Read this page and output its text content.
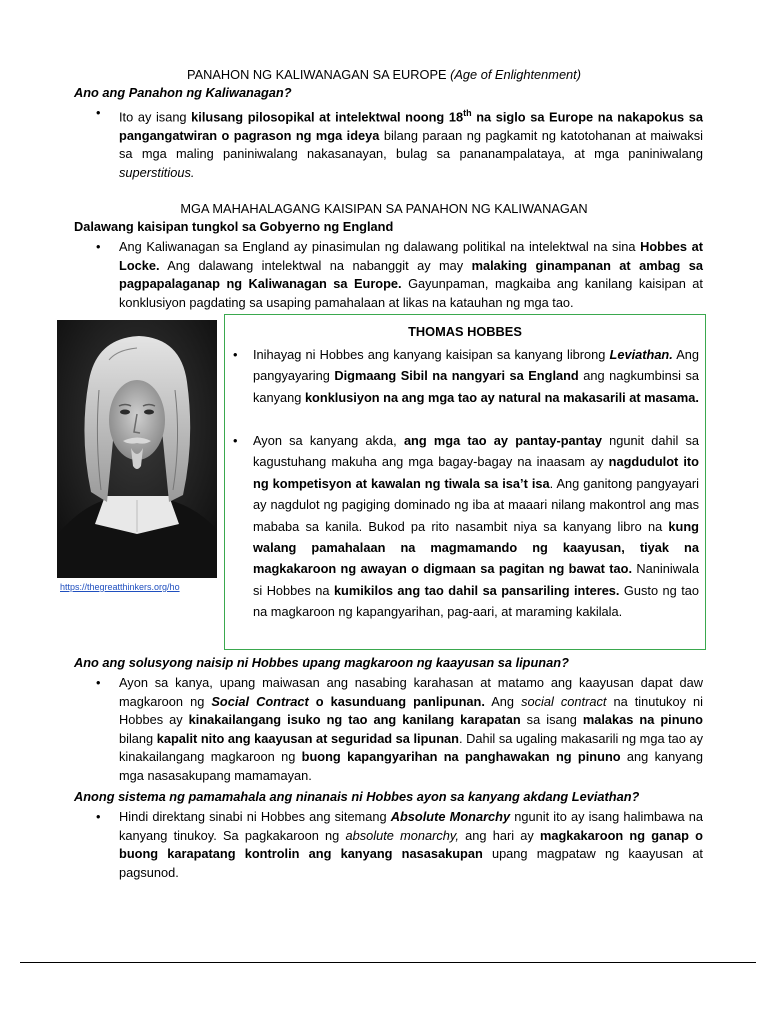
PANAHON NG KALIWANAGAN SA EUROPE (Age of Enlightenment)
Ano ang Panahon ng Kaliwanagan?
• Ito ay isang kilusang pilosopikal at intelektwal noong 18th na siglo sa Europe na nakapokus sa pangangatwiran o pagrason ng mga ideya bilang paraan ng pagkamit ng katotohanan at maiwaksi sa mga maling paniniwalang nakasanayan, bulag sa pananampalataya, at mga paniniwalang superstitious.
MGA MAHAHALAGANG KAISIPAN SA PANAHON NG KALIWANAGAN
Dalawang kaisipan tungkol sa Gobyerno ng England
• Ang Kaliwanagan sa England ay pinasimulan ng dalawang politikal na intelektwal na sina Hobbes at Locke. Ang dalawang intelektwal na nabanggit ay may malaking ginampanan at ambag sa pagpapalaganap ng Kaliwanagan sa Europe. Gayunpaman, magkaiba ang kanilang kaisipan at konklusiyon pagdating sa usaping pamahalaan at likas na katauhan ng mga tao.
https://thegreatthinkers.org/ho
THOMAS HOBBES
• Inihayag ni Hobbes ang kanyang kaisipan sa kanyang librong Leviathan. Ang pangyayaring Digmaang Sibil na nangyari sa England ang nagkumbinsi sa kanyang konklusiyon na ang mga tao ay natural na makasarili at masama.
• Ayon sa kanyang akda, ang mga tao ay pantay-pantay ngunit dahil sa kagustuhang makuha ang mga bagay-bagay na inaasam ay nagdudulot ito ng kompetisyon at kawalan ng tiwala sa isa’t isa. Ang ganitong pangyayari ay nagdulot ng pagiging dominado ng iba at maaari nilang makontrol ang mas mababa sa kanila. Bukod pa rito nasambit niya sa kanyang libro na kung walang pamahalaan na magmamando ng kaayusan, tiyak na magkakaroon ng awayan o digmaan sa pagitan ng bawat tao. Naniniwala si Hobbes na kumikilos ang tao dahil sa pansariling interes. Gusto ng tao na magkaroon ng kapangyarihan, pag-aari, at maraming kakilala.
Ano ang solusyong naisip ni Hobbes upang magkaroon ng kaayusan sa lipunan?
• Ayon sa kanya, upang maiwasan ang nasabing karahasan at matamo ang kaayusan dapat daw magkaroon ng Social Contract o kasunduang panlipunan. Ang social contract na tinutukoy ni Hobbes ay kinakailangang isuko ng tao ang kanilang karapatan sa isang malakas na pinuno bilang kapalit nito ang kaayusan at seguridad sa lipunan. Dahil sa ugaling makasarili ng mga tao ay kinakailangang magkaroon ng buong kapangyarihan na panghawakan ng pinuno ang kanyang mga nasasakupang mamamayan.
Anong sistema ng pamamahala ang ninanais ni Hobbes ayon sa kanyang akdang Leviathan?
• Hindi direktang sinabi ni Hobbes ang sitemang Absolute Monarchy ngunit ito ay isang halimbawa na kanyang tinukoy. Sa pagkakaroon ng absolute monarchy, ang hari ay magkakaroon ng ganap o buong karapatang kontrolin ang kanyang nasasakupan upang magpataw ng kaayusan at pagsunod.
